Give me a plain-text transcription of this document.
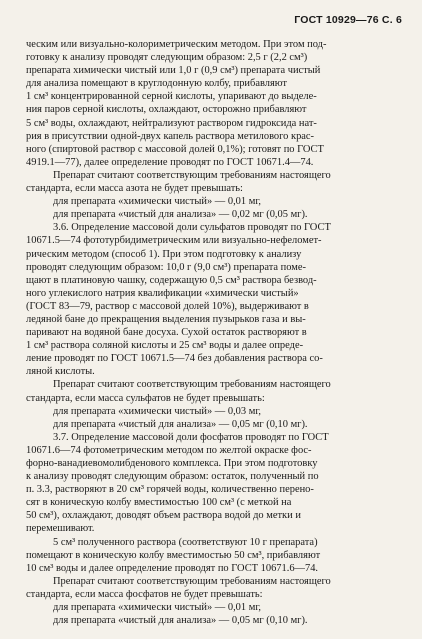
ГОСТ 10929—76 С. 6
ческим или визуально-колориметрическим методом. При этом под-
готовку к анализу проводят следующим образом: 2,5 г (2,2 см³)
препарата химически чистый или 1,0 г (0,9 см³) препарата чистый
для анализа помещают в круглодонную колбу, прибавляют
1 см³ концентрированной серной кислоты, упаривают до выделе-
ния паров серной кислоты, охлаждают, осторожно прибавляют
5 см³ воды, охлаждают, нейтрализуют раствором гидроксида нат-
рия в присутствии одной-двух капель раствора метилового крас-
ного (спиртовой раствор с массовой долей 0,1%); готовят по ГОСТ
4919.1—77), далее определение проводят по ГОСТ 10671.4—74.
Препарат считают соответствующим требованиям настоящего
стандарта, если масса азота не будет превышать:
для препарата «химически чистый» — 0,01 мг,
для препарата «чистый для анализа» — 0,02 мг (0,05 мг).
3.6. Определение массовой доли сульфатов проводят по ГОСТ
10671.5—74 фототурбидиметрическим или визуально-нефеломет-
рическим методом (способ 1). При этом подготовку к анализу
проводят следующим образом: 10,0 г (9,0 см³) препарата поме-
щают в платиновую чашку, содержащую 0,5 см³ раствора безвод-
ного углекислого натрия квалификации «химически чистый»
(ГОСТ 83—79, раствор с массовой долей 10%), выдерживают в
ледяной бане до прекращения выделения пузырьков газа и вы-
паривают на водяной бане досуха. Сухой остаток растворяют в
1 см³ раствора соляной кислоты и 25 см³ воды и далее опреде-
ление проводят по ГОСТ 10671.5—74 без добавления раствора со-
ляной кислоты.
Препарат считают соответствующим требованиям настоящего
стандарта, если масса сульфатов не будет превышать:
для препарата «химически чистый» — 0,03 мг,
для препарата «чистый для анализа» — 0,05 мг (0,10 мг).
3.7. Определение массовой доли фосфатов проводят по ГОСТ
10671.6—74 фотометрическим методом по желтой окраске фос-
форно-ванадиевомолибденового комплекса. При этом подготовку
к анализу проводят следующим образом: остаток, полученный по
п. 3.3, растворяют в 20 см³ горячей воды, количественно перено-
сят в коническую колбу вместимостью 100 см³ (с меткой на
50 см³), охлаждают, доводят объем раствора водой до метки и
перемешивают.
5 см³ полученного раствора (соответствуют 10 г препарата)
помещают в коническую колбу вместимостью 50 см³, прибавляют
10 см³ воды и далее определение проводят по ГОСТ 10671.6—74.
Препарат считают соответствующим требованиям настоящего
стандарта, если масса фосфатов не будет превышать:
для препарата «химически чистый» — 0,01 мг,
для препарата «чистый для анализа» — 0,05 мг (0,10 мг).
